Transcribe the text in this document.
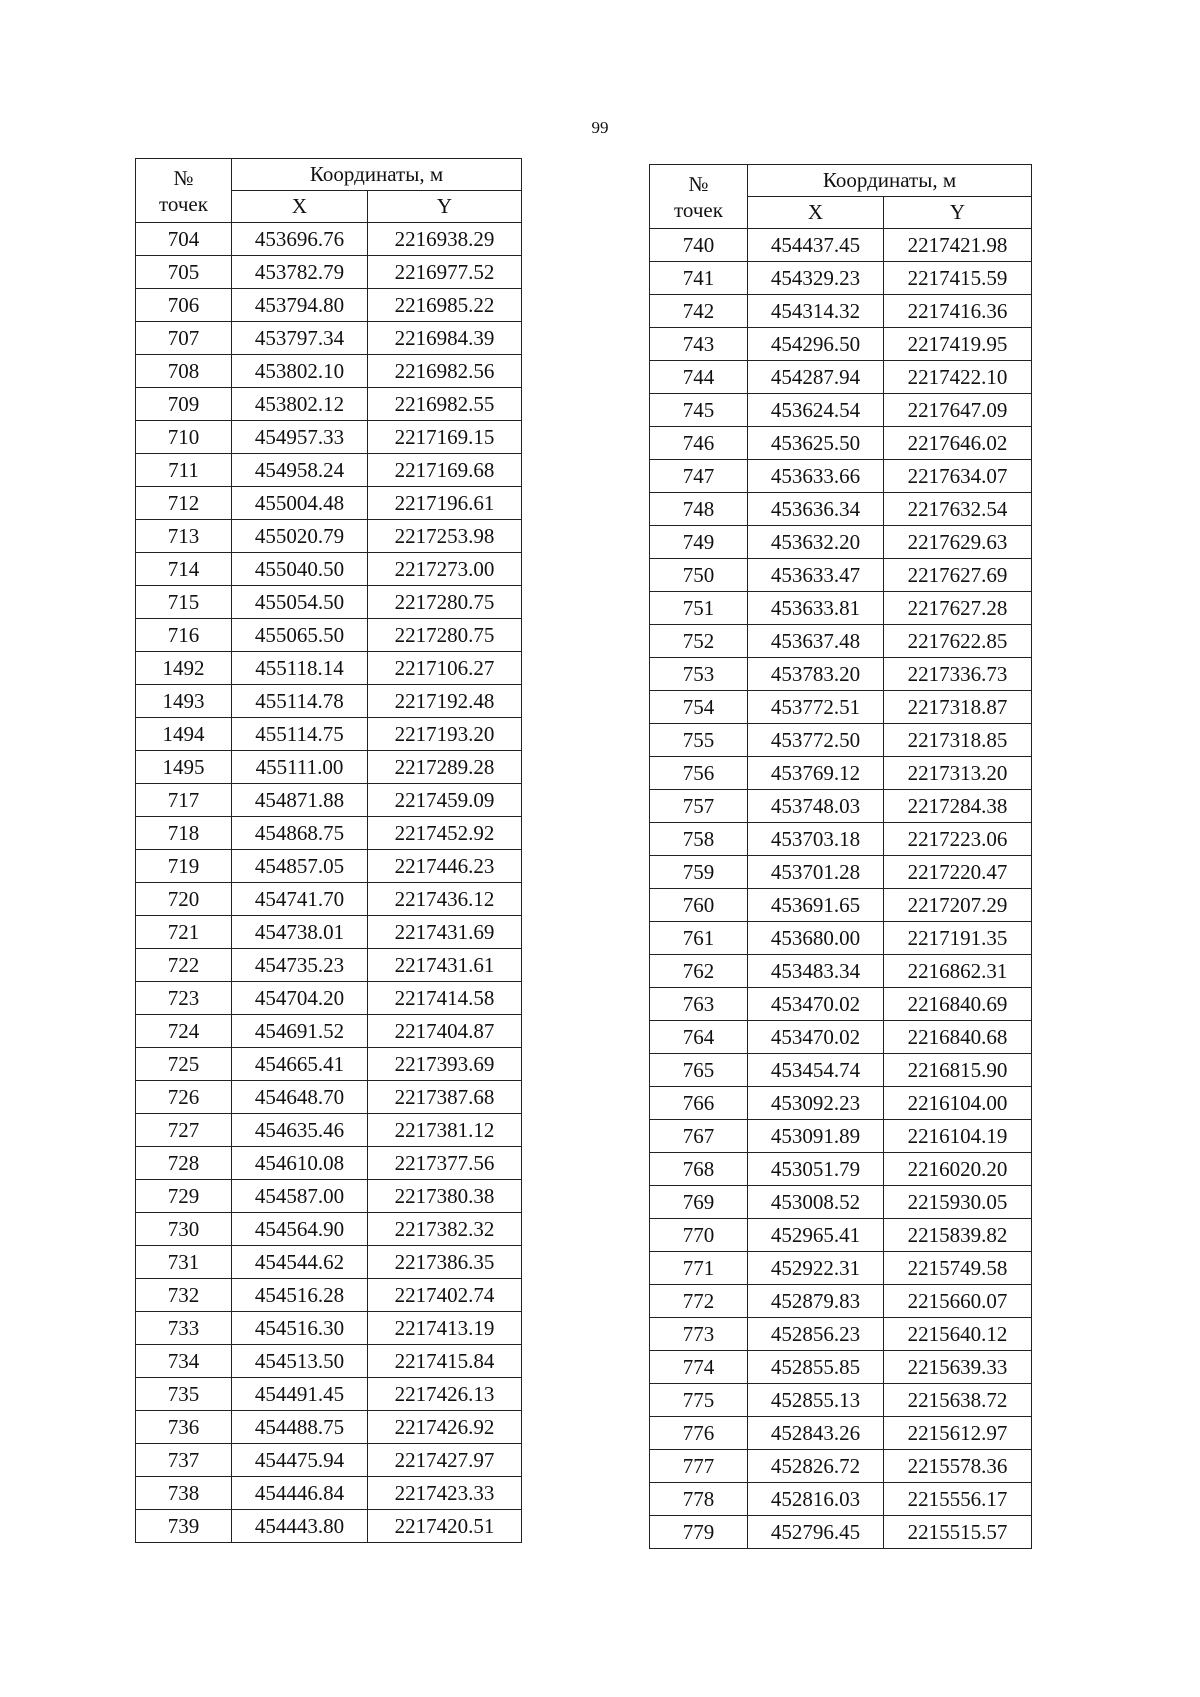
99
№
точек	Координаты, м	
	X	Y
704	453696.76	2216938.29
705	453782.79	2216977.52
706	453794.80	2216985.22
707	453797.34	2216984.39
708	453802.10	2216982.56
709	453802.12	2216982.55
710	454957.33	2217169.15
711	454958.24	2217169.68
712	455004.48	2217196.61
713	455020.79	2217253.98
714	455040.50	2217273.00
715	455054.50	2217280.75
716	455065.50	2217280.75
1492	455118.14	2217106.27
1493	455114.78	2217192.48
1494	455114.75	2217193.20
1495	455111.00	2217289.28
717	454871.88	2217459.09
718	454868.75	2217452.92
719	454857.05	2217446.23
720	454741.70	2217436.12
721	454738.01	2217431.69
722	454735.23	2217431.61
723	454704.20	2217414.58
724	454691.52	2217404.87
725	454665.41	2217393.69
726	454648.70	2217387.68
727	454635.46	2217381.12
728	454610.08	2217377.56
729	454587.00	2217380.38
730	454564.90	2217382.32
731	454544.62	2217386.35
732	454516.28	2217402.74
733	454516.30	2217413.19
734	454513.50	2217415.84
735	454491.45	2217426.13
736	454488.75	2217426.92
737	454475.94	2217427.97
738	454446.84	2217423.33
739	454443.80	2217420.51
№
точек	Координаты, м	
	X	Y
740	454437.45	2217421.98
741	454329.23	2217415.59
742	454314.32	2217416.36
743	454296.50	2217419.95
744	454287.94	2217422.10
745	453624.54	2217647.09
746	453625.50	2217646.02
747	453633.66	2217634.07
748	453636.34	2217632.54
749	453632.20	2217629.63
750	453633.47	2217627.69
751	453633.81	2217627.28
752	453637.48	2217622.85
753	453783.20	2217336.73
754	453772.51	2217318.87
755	453772.50	2217318.85
756	453769.12	2217313.20
757	453748.03	2217284.38
758	453703.18	2217223.06
759	453701.28	2217220.47
760	453691.65	2217207.29
761	453680.00	2217191.35
762	453483.34	2216862.31
763	453470.02	2216840.69
764	453470.02	2216840.68
765	453454.74	2216815.90
766	453092.23	2216104.00
767	453091.89	2216104.19
768	453051.79	2216020.20
769	453008.52	2215930.05
770	452965.41	2215839.82
771	452922.31	2215749.58
772	452879.83	2215660.07
773	452856.23	2215640.12
774	452855.85	2215639.33
775	452855.13	2215638.72
776	452843.26	2215612.97
777	452826.72	2215578.36
778	452816.03	2215556.17
779	452796.45	2215515.57
